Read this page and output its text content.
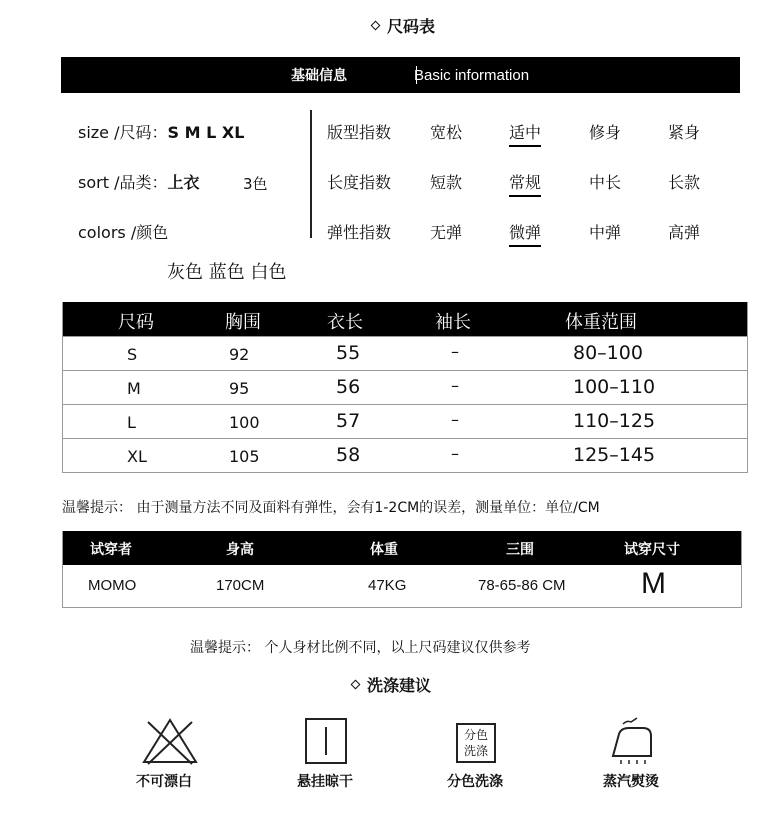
尺码表
基础信息	Basic information
size /尺码：S M L XL
sort /品类：上衣	3色
colors /颜色
灰色 蓝色 白色
版型指数 宽松	适中	修身	紧身
长度指数 短款	常规	中长	长款
弹性指数 无弹	微弹	中弹	高弹
尺码	胸围	衣长	袖长	体重范围
S	92	55	–	80–100
M	95	56	–	100–110
L	100	57	–	110–125
XL	105	58	–	125–145
温馨提示： 由于测量方法不同及面料有弹性，会有1-2CM的误差，测量单位：单位/CM
试穿者	身高	体重	三围	试穿尺寸
MOMO	170CM	47KG	78-65-86 CM	M
温馨提示： 个人身材比例不同，以上尺码建议仅供参考
洗涤建议
分色
洗涤
不可漂白	悬挂晾干	分色洗涤	蒸汽熨烫
